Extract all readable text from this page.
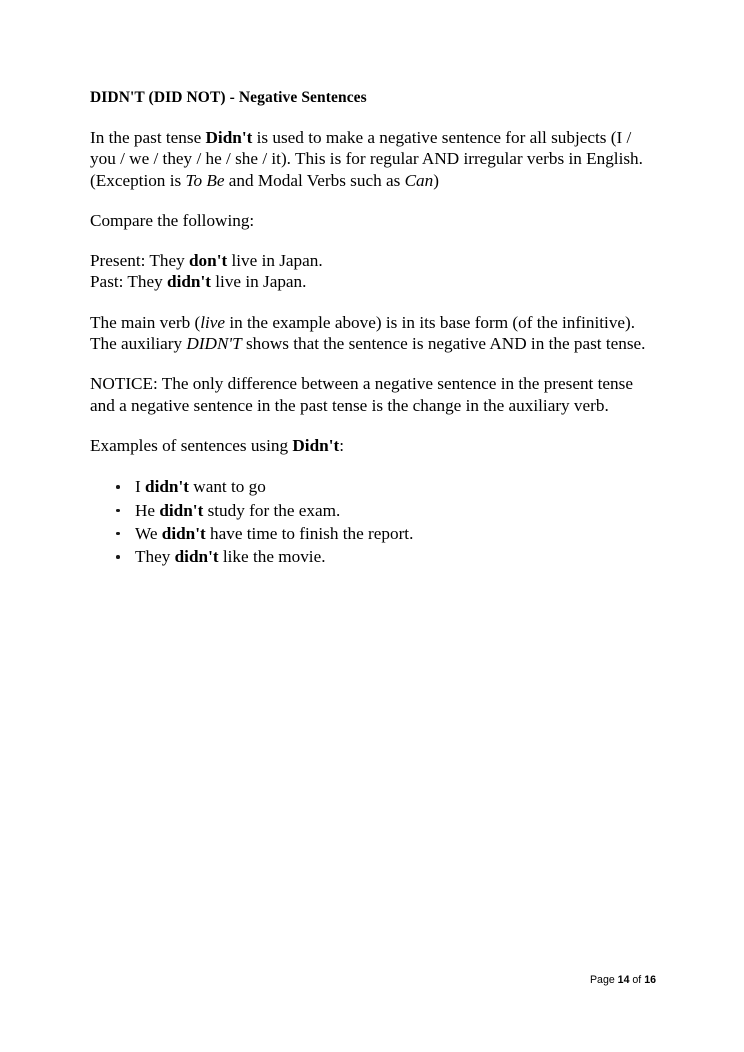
DIDN'T (DID NOT) - Negative Sentences

In the past tense Didn't is used to make a negative sentence for all subjects (I / you / we / they / he / she / it). This is for regular AND irregular verbs in English. (Exception is To Be and Modal Verbs such as Can)

Compare the following:

Present: They don't live in Japan.
Past: They didn't live in Japan.

The main verb (live in the example above) is in its base form (of the infinitive). The auxiliary DIDN'T shows that the sentence is negative AND in the past tense.

NOTICE: The only difference between a negative sentence in the present tense and a negative sentence in the past tense is the change in the auxiliary verb.

Examples of sentences using Didn't:

I didn't want to go
He didn't study for the exam.
We didn't have time to finish the report.
They didn't like the movie.
Page 14 of 16
